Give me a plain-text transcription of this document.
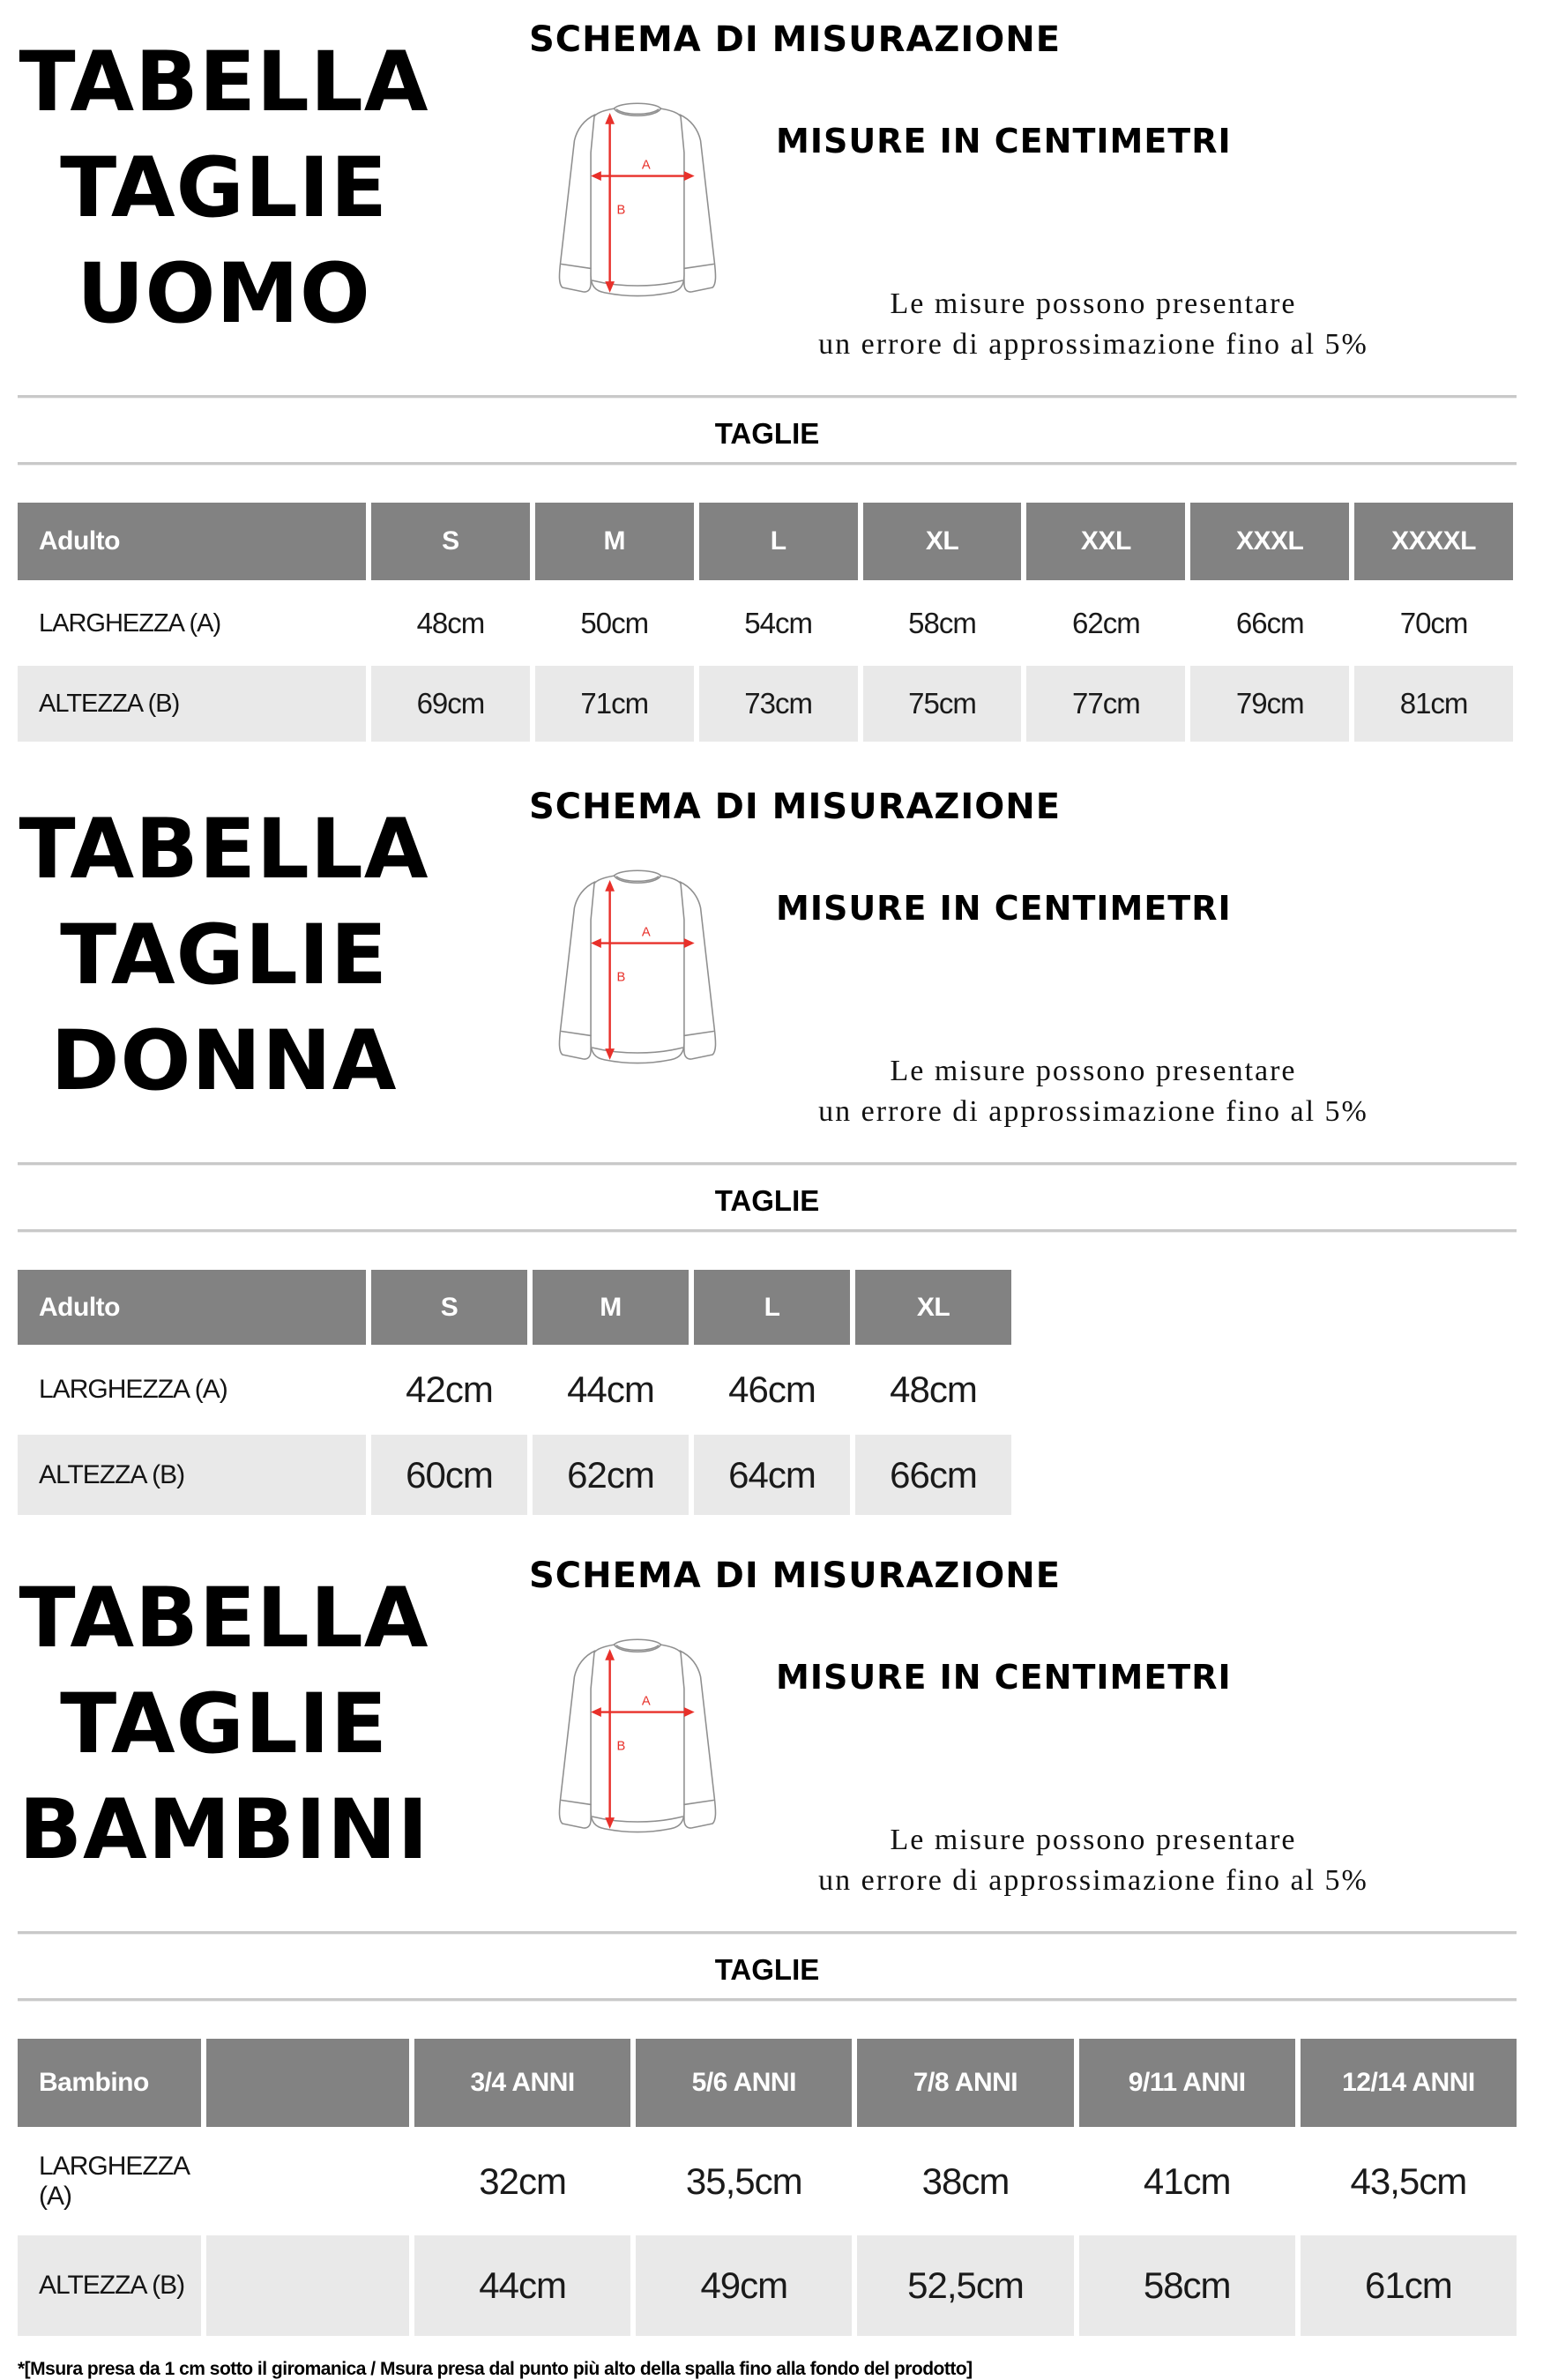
TABELLA
TAGLIE
UOMO
SCHEMA DI MISURAZIONE
A
B
MISURE IN CENTIMETRI
Le misure possono presentare
un errore di approssimazione fino al 5%
TAGLIE
Adulto	S	M	L	XL	XXL	XXXL	XXXXL
LARGHEZZA (A)	48cm	50cm	54cm	58cm	62cm	66cm	70cm
ALTEZZA (B)	69cm	71cm	73cm	75cm	77cm	79cm	81cm
TABELLA
TAGLIE
DONNA
SCHEMA DI MISURAZIONE
A
B
MISURE IN CENTIMETRI
Le misure possono presentare
un errore di approssimazione fino al 5%
TAGLIE
Adulto	S	M	L	XL
LARGHEZZA (A)	42cm	44cm	46cm	48cm
ALTEZZA (B)	60cm	62cm	64cm	66cm
TABELLA
TAGLIE
BAMBINI
SCHEMA DI MISURAZIONE
A
B
MISURE IN CENTIMETRI
Le misure possono presentare
un errore di approssimazione fino al 5%
TAGLIE
Bambino	3/4 ANNI	5/6 ANNI	7/8 ANNI	9/11 ANNI	12/14 ANNI
LARGHEZZA (A)	32cm	35,5cm	38cm	41cm	43,5cm
ALTEZZA (B)	44cm	49cm	52,5cm	58cm	61cm
*[Msura presa da 1 cm sotto il giromanica / Msura presa dal punto più alto della spalla fino alla fondo del prodotto]
